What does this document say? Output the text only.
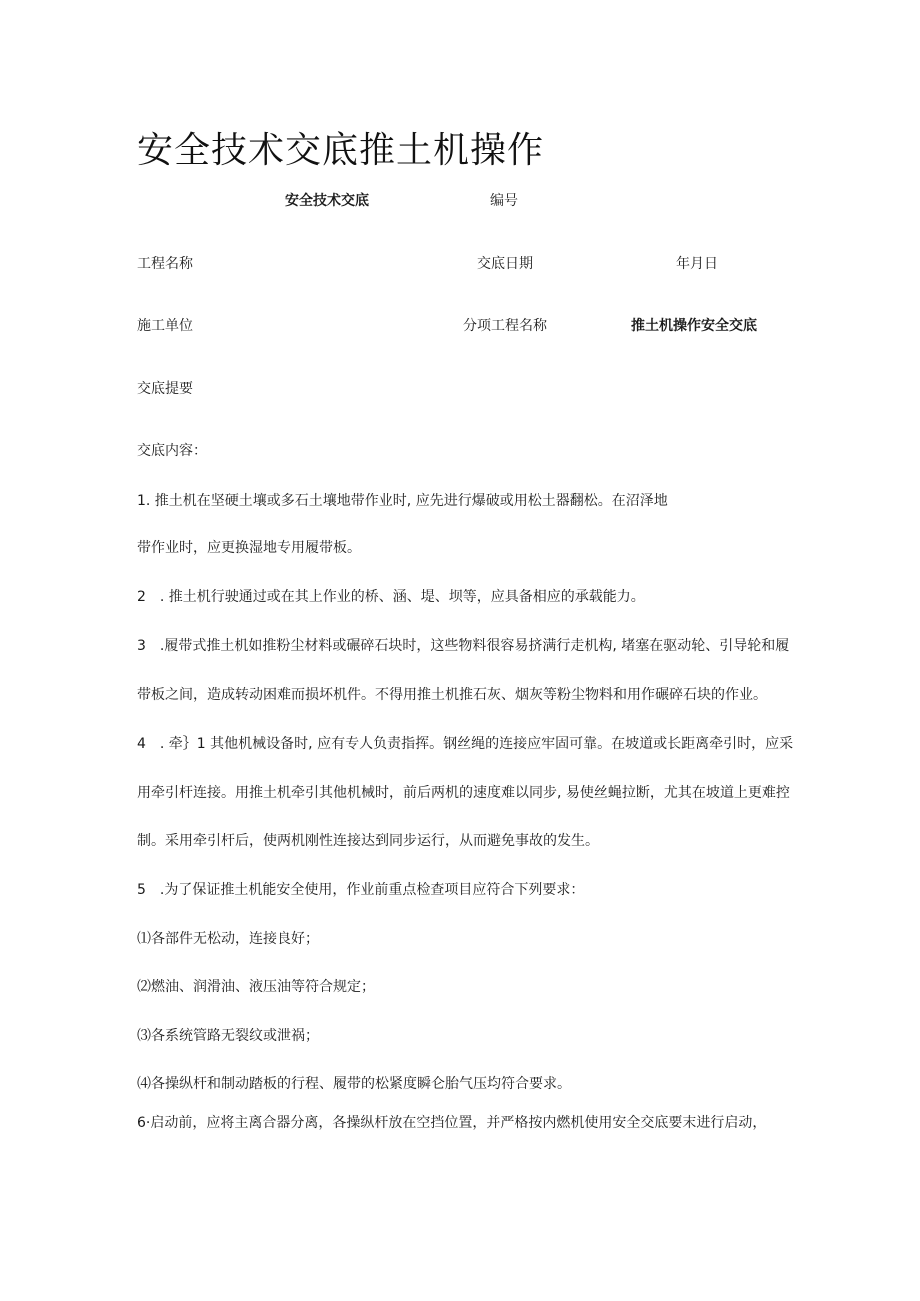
安全技术交底推土机操作
安全技术交底	编号
工程名称	交底日期	年月日
施工单位	分项工程名称	推土机操作安全交底
交底提要
交底内容：
1. 推土机在坚硬土壤或多石土壤地带作业时, 应先进行爆破或用松土器翻松。在沼泽地
带作业时，应更换湿地专用履带板。
2　. 推土机行驶通过或在其上作业的桥、涵、堤、坝等，应具备相应的承载能力。
3　.履带式推土机如推粉尘材料或碾碎石块时，这些物料很容易挤满行走机构, 堵塞在驱动轮、引导轮和履
带板之间，造成转动困难而损坏机件。不得用推土机推石灰、烟灰等粉尘物料和用作碾碎石块的作业。
4　. 牵｝1 其他机械设备时, 应有专人负责指挥。钢丝绳的连接应牢固可靠。在坡道或长距离牵引时，应采
用牵引杆连接。用推土机牵引其他机械时，前后两机的速度难以同步, 易使丝蝇拉断，尤其在坡道上更难控
制。采用牵引杆后，使两机刚性连接达到同步运行，从而避免事故的发生。
5　.为了保证推土机能安全使用，作业前重点检查项目应符合下列要求：
⑴各部件无松动，连接良好；
⑵燃油、润滑油、液压油等符合规定；
⑶各系统管路无裂纹或泄祸；
⑷各操纵杆和制动踏板的行程、履带的松紧度瞬仑胎气压均符合要求。
6·启动前，应将主离合器分离，各操纵杆放在空挡位置，并严格按内燃机使用安全交底要末进行启动，
